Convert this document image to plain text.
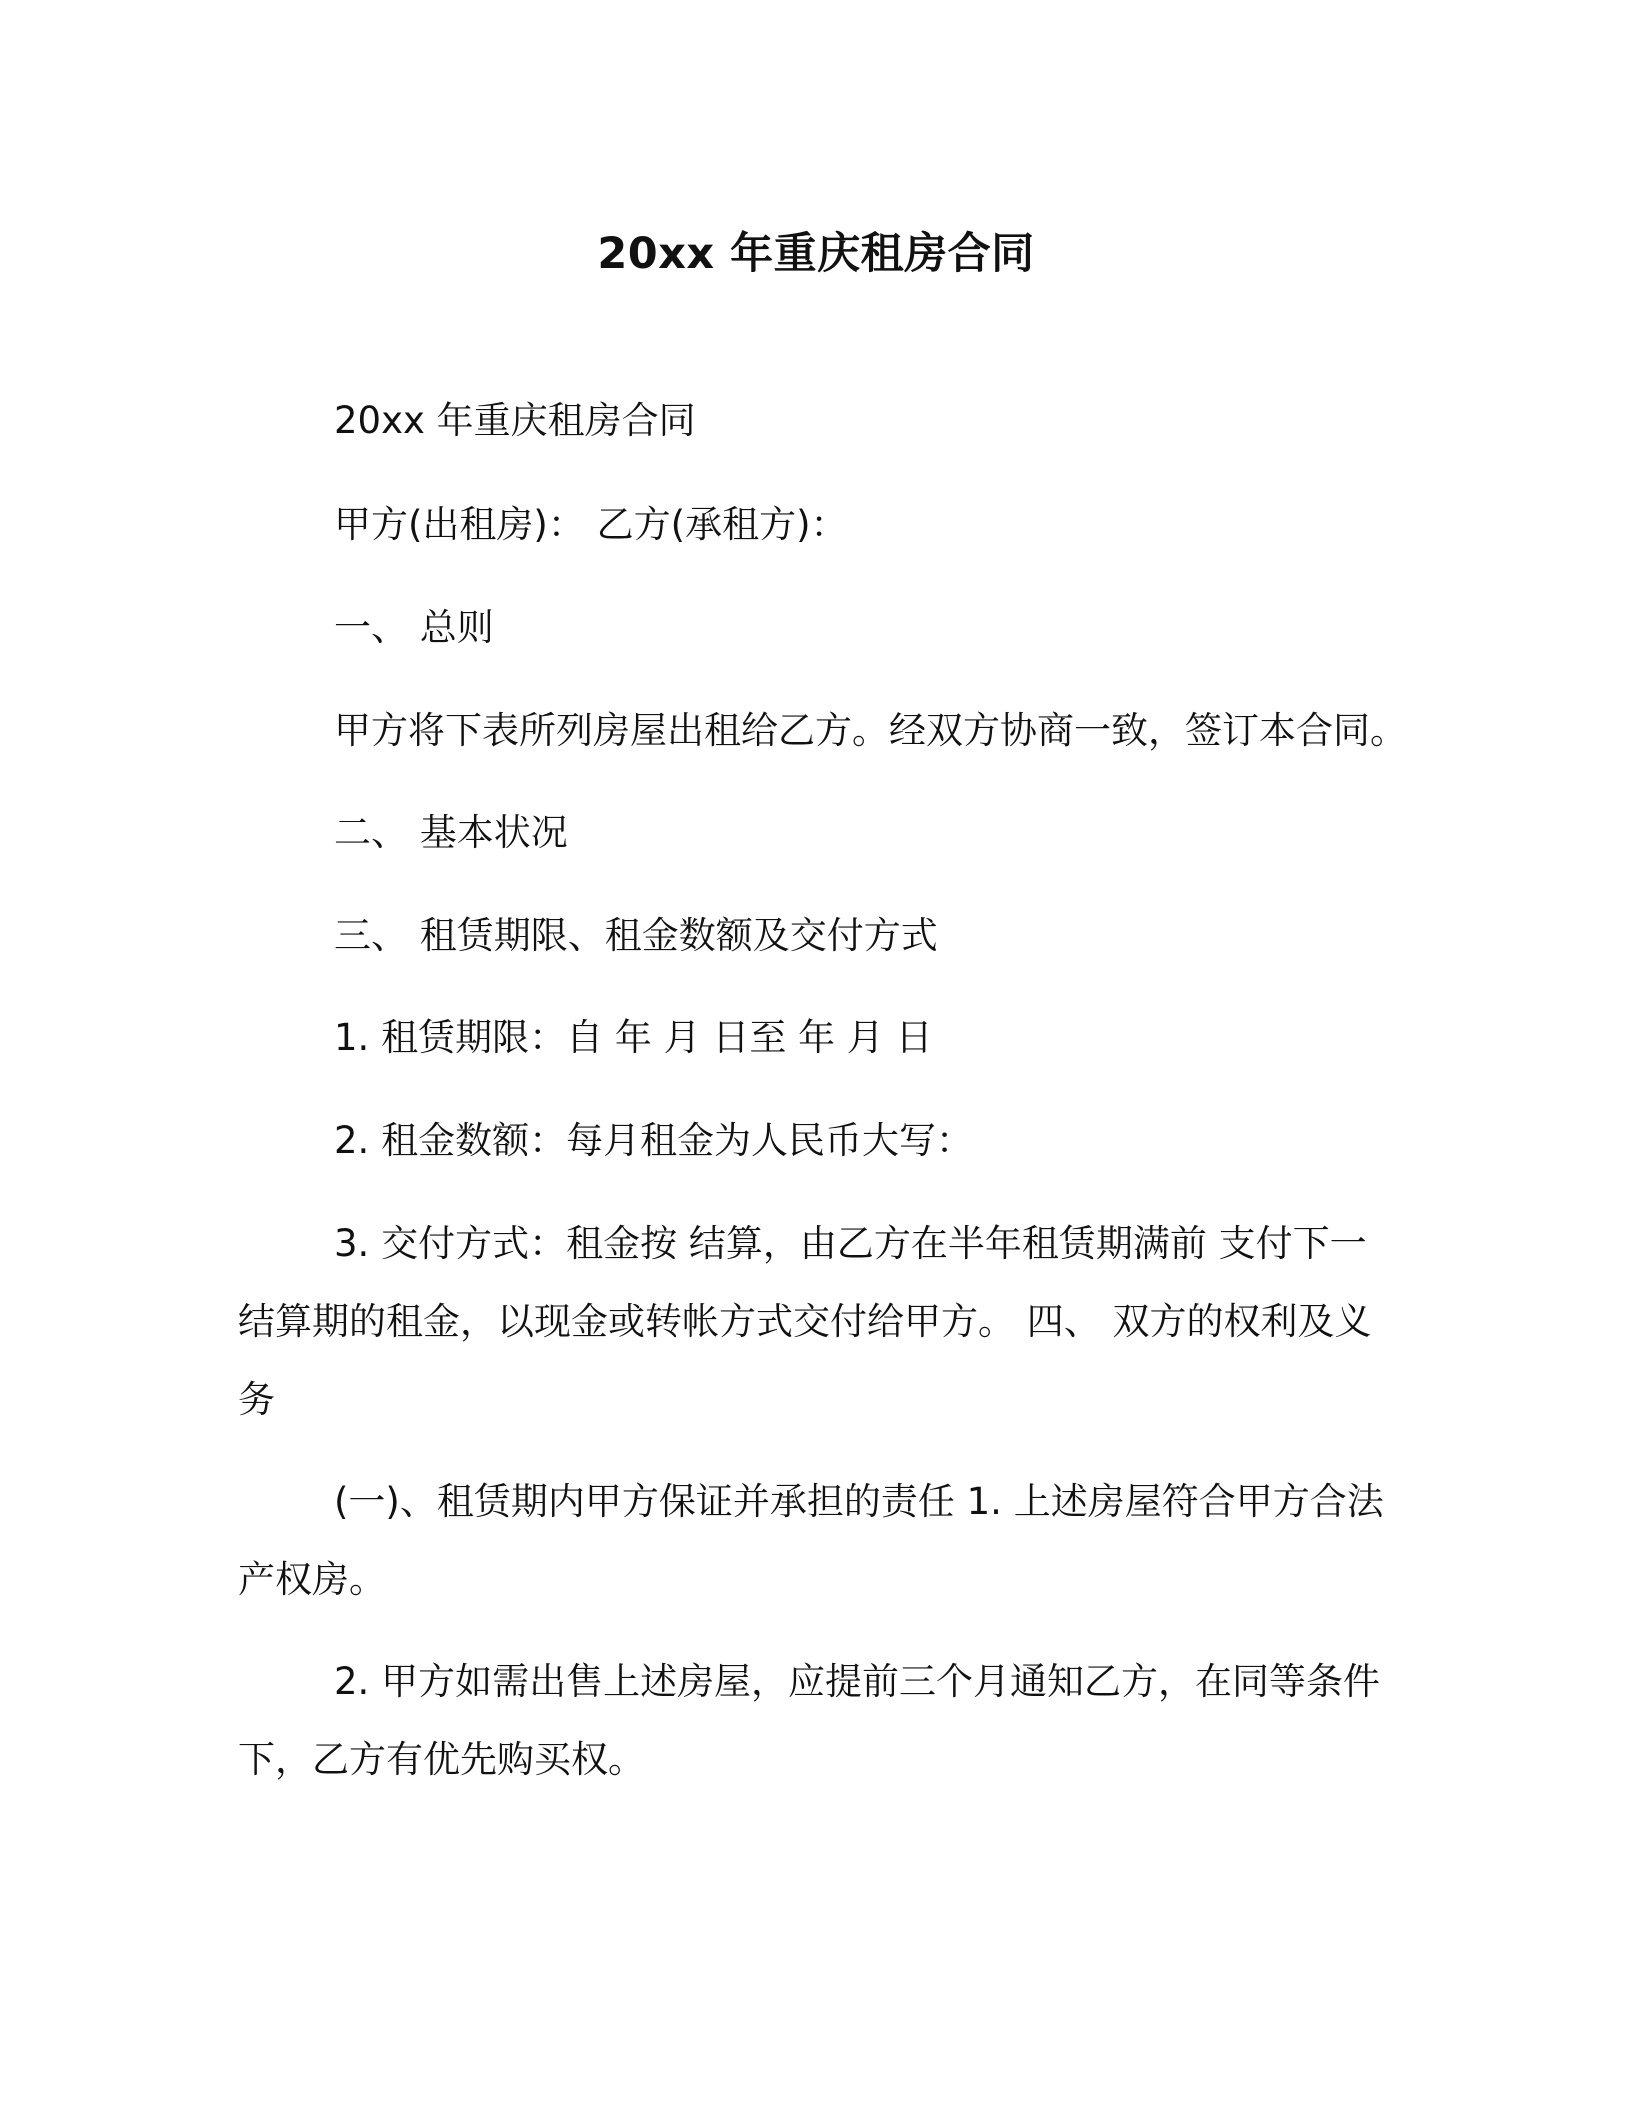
20xx 年重庆租房合同
20xx 年重庆租房合同
甲方(出租房)： 乙方(承租方)：
一、 总则
甲方将下表所列房屋出租给乙方。经双方协商一致，签订本合同。
二、 基本状况
三、 租赁期限、租金数额及交付方式
1. 租赁期限：自 年 月 日至 年 月 日
2. 租金数额：每月租金为人民币大写：
3. 交付方式：租金按 结算，由乙方在半年租赁期满前 支付下一
结算期的租金，以现金或转帐方式交付给甲方。 四、 双方的权利及义
务
(一)、租赁期内甲方保证并承担的责任 1. 上述房屋符合甲方合法
产权房。
2. 甲方如需出售上述房屋，应提前三个月通知乙方，在同等条件
下，乙方有优先购买权。
